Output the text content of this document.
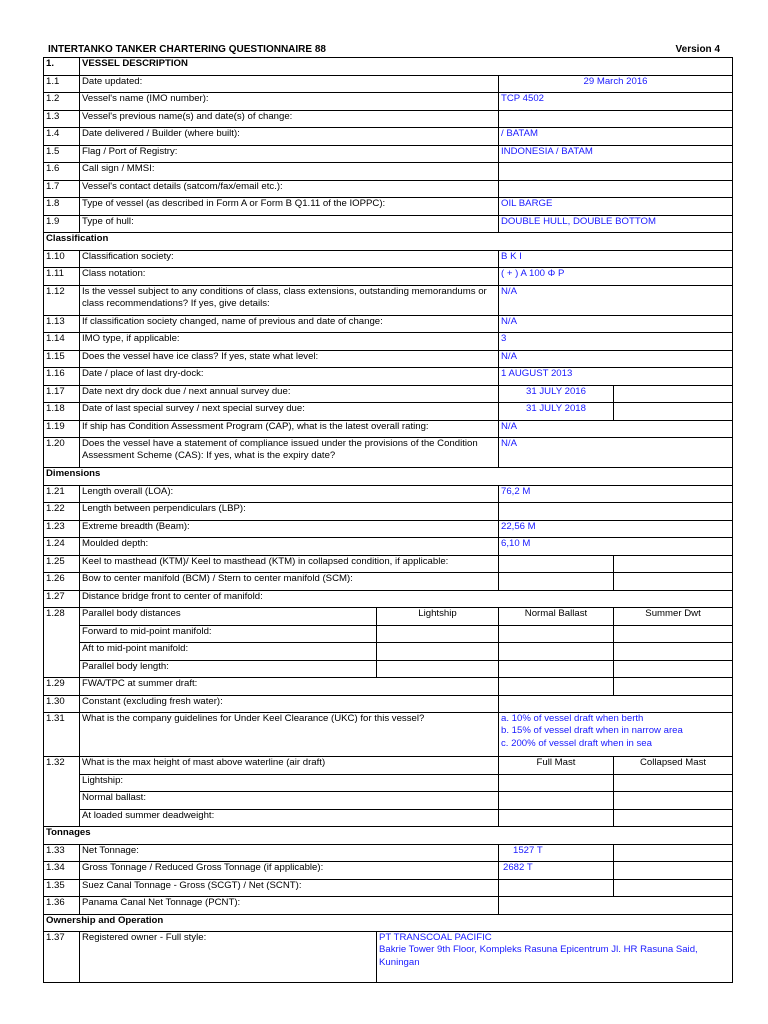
INTERTANKO TANKER CHARTERING QUESTIONNAIRE 88	Version 4
1.	VESSEL DESCRIPTION			
1.1	Date updated:		29 March 2016	
1.2	Vessel's name (IMO number):		TCP 4502	
1.3	Vessel's previous name(s) and date(s) of change:			
1.4	Date delivered / Builder (where built):		/ BATAM	
1.5	Flag / Port of Registry:		INDONESIA / BATAM	
1.6	Call sign / MMSI:			
1.7	Vessel's contact details (satcom/fax/email etc.):			
1.8	Type of vessel (as described in Form A or Form B Q1.11 of the IOPPC):		OIL BARGE	
1.9	Type of hull:		DOUBLE HULL, DOUBLE BOTTOM	
Classification				
1.10	Classification society:		B K I	
1.11	Class notation:		( + ) A 100 Φ P	
1.12	Is the vessel subject to any conditions of class, class extensions, outstanding memorandums or class recommendations? If yes, give details:		N/A	
1.13	If classification society changed, name of previous and date of change:		N/A	
1.14	IMO type, if applicable:		3	
1.15	Does the vessel have ice class? If yes, state what level:		N/A	
1.16	Date / place of last dry-dock:		1 AUGUST 2013	
1.17	Date next dry dock due / next annual survey due:		31 JULY 2016	
1.18	Date of last special survey / next special survey due:		31 JULY 2018	
1.19	If ship has Condition Assessment Program (CAP), what is the latest overall rating:		N/A	
1.20	Does the vessel have a statement of compliance issued under the provisions of the Condition Assessment Scheme (CAS): If yes, what is the expiry date?		N/A	
Dimensions				
1.21	Length overall (LOA):		76,2 M	
1.22	Length between perpendiculars (LBP):			
1.23	Extreme breadth (Beam):		22,56 M	
1.24	Moulded depth:		6,10 M	
1.25	Keel to masthead (KTM)/ Keel to masthead (KTM) in collapsed condition, if applicable:			
1.26	Bow to center manifold (BCM) / Stern to center manifold (SCM):			
1.27	Distance bridge front to center of manifold:			
1.28	Parallel body distances	Lightship	Normal Ballast	Summer Dwt
	Forward to mid-point manifold:			
	Aft to mid-point manifold:			
	Parallel body length:			
1.29	FWA/TPC at summer draft:			
1.30	Constant (excluding fresh water):			
1.31	What is the company guidelines for Under Keel Clearance (UKC) for this vessel?		a. 10% of vessel draft when berth
b. 15% of vessel draft when in narrow area
c. 200% of vessel draft when in sea	

1.32	What is the max height of mast above waterline (air draft)		Full Mast	Collapsed Mast
	Lightship:			
	Normal ballast:			
	At loaded summer deadweight:			
Tonnages				
1.33	Net Tonnage:		1527 T	
1.34	Gross Tonnage / Reduced Gross Tonnage (if applicable):		2682 T	
1.35	Suez Canal Tonnage - Gross (SCGT) / Net (SCNT):			
1.36	Panama Canal Net Tonnage (PCNT):			
Ownership and Operation				
1.37	Registered owner - Full style:	PT TRANSCOAL PACIFIC
Bakrie Tower 9th Floor, Kompleks Rasuna Epicentrum Jl. HR Rasuna Said,
Kuningan		
